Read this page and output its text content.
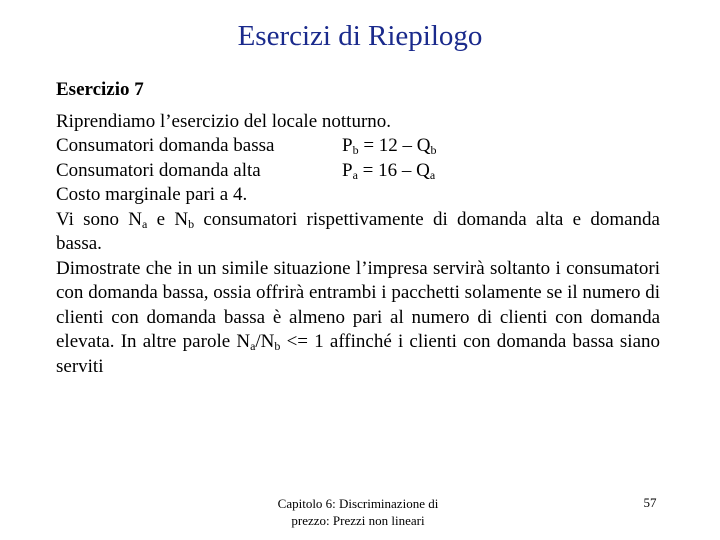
Esercizi di Riepilogo

Esercizio 7

Riprendiamo l’esercizio del locale notturno.

Consumatori domanda bassa	$P_b = 12 - Q_b$
Consumatori domanda alta	$P_a = 16 - Q_a$

Costo marginale pari a 4.

Vi sono $N_a$ e $N_b$ consumatori rispettivamente di domanda alta e domanda bassa.

Dimostrate che in un simile situazione l’impresa servirà soltanto i consumatori con domanda bassa, ossia offrirà entrambi i pacchetti solamente se il numero di clienti con domanda bassa è almeno pari al numero di clienti con domanda elevata. In altre parole $N_a/N_b <= 1$ affinché i clienti con domanda bassa siano serviti

Capitolo 6: Discriminazione di prezzo: Prezzi non lineari
57
